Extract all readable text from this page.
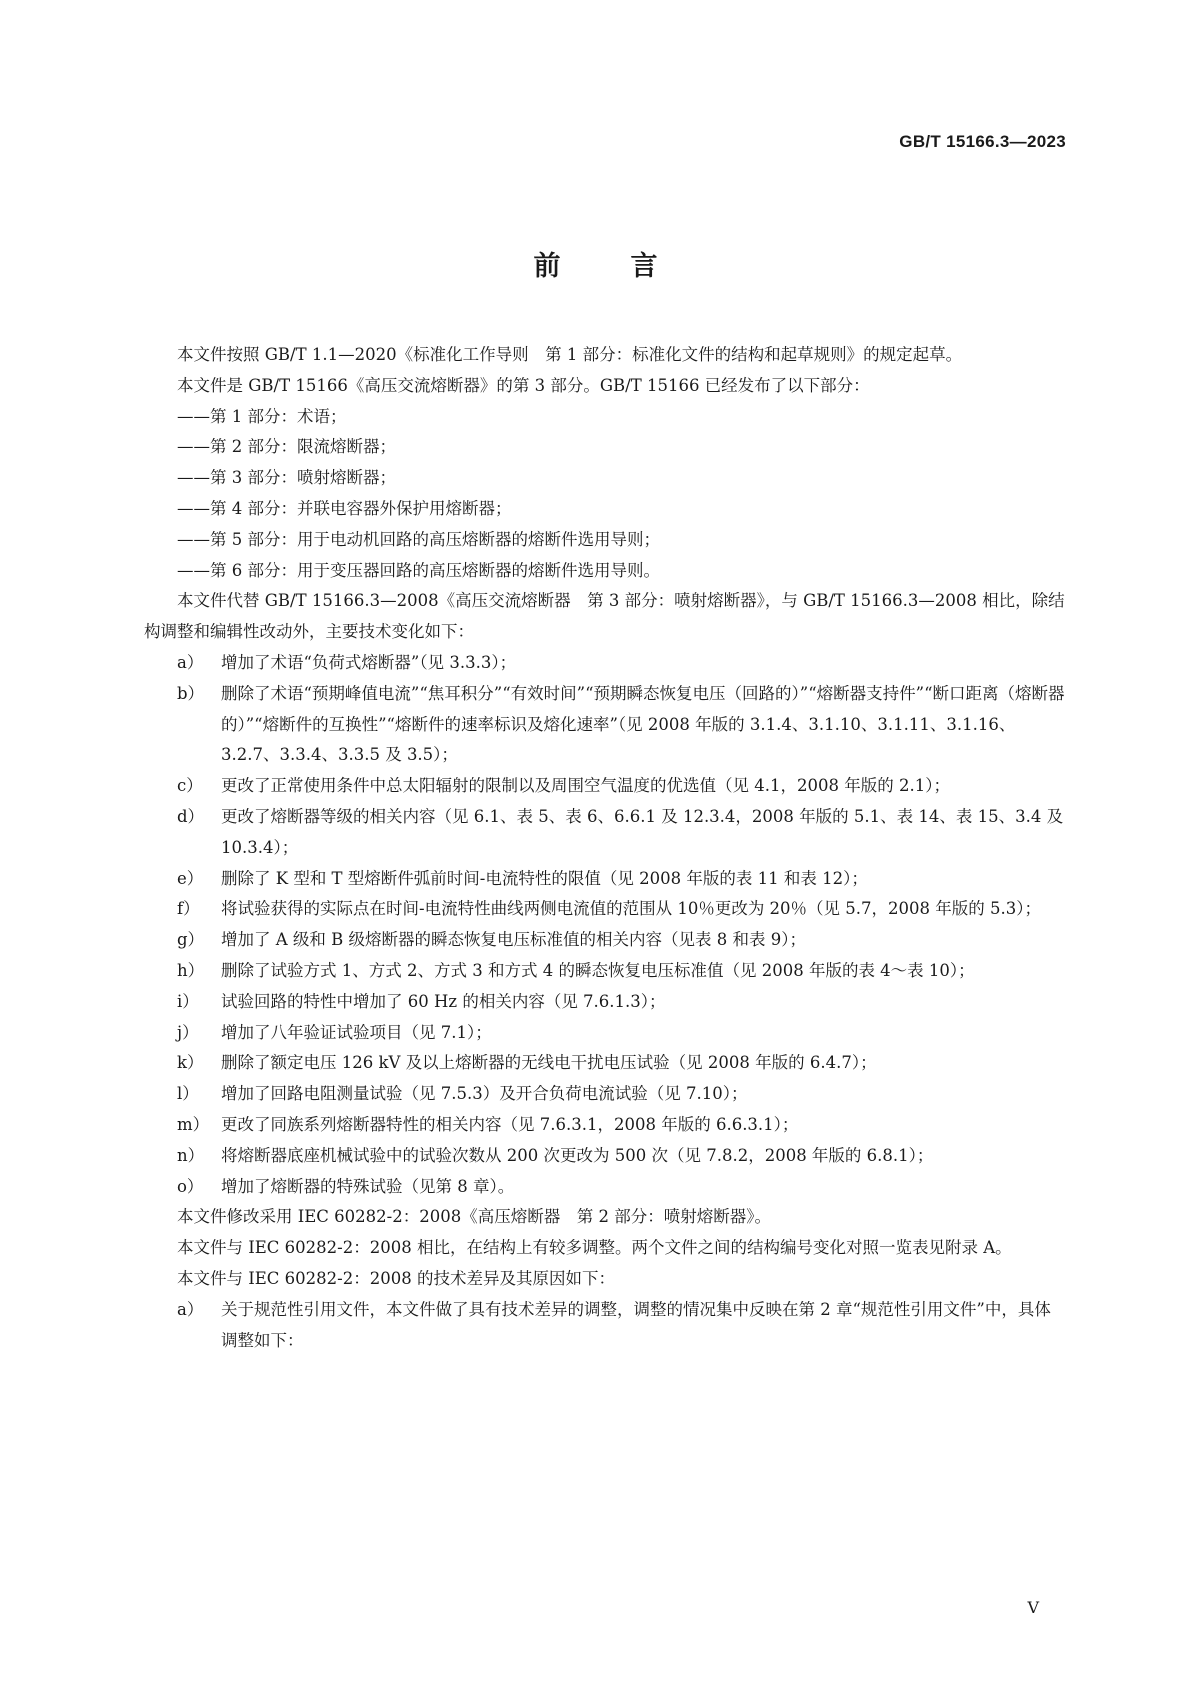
GB/T 15166.3—2023
前言

本文件按照 GB/T 1.1—2020《标准化工作导则　第 1 部分：标准化文件的结构和起草规则》的规定起草。

本文件是 GB/T 15166《高压交流熔断器》的第 3 部分。GB/T 15166 已经发布了以下部分：

——第 1 部分：术语；

——第 2 部分：限流熔断器；

——第 3 部分：喷射熔断器；

——第 4 部分：并联电容器外保护用熔断器；

——第 5 部分：用于电动机回路的高压熔断器的熔断件选用导则；

——第 6 部分：用于变压器回路的高压熔断器的熔断件选用导则。

本文件代替 GB/T 15166.3—2008《高压交流熔断器　第 3 部分：喷射熔断器》，与 GB/T 15166.3—2008 相比，除结构调整和编辑性改动外，主要技术变化如下：

a）	增加了术语“负荷式熔断器”（见 3.3.3）；
b）	删除了术语“预期峰值电流”“焦耳积分”“有效时间”“预期瞬态恢复电压（回路的）”“熔断器支持件”“断口距离（熔断器的）”“熔断件的互换性”“熔断件的速率标识及熔化速率”（见 2008 年版的 3.1.4、3.1.10、3.1.11、3.1.16、3.2.7、3.3.4、3.3.5 及 3.5）；
c）	更改了正常使用条件中总太阳辐射的限制以及周围空气温度的优选值（见 4.1，2008 年版的 2.1）；
d）	更改了熔断器等级的相关内容（见 6.1、表 5、表 6、6.6.1 及 12.3.4，2008 年版的 5.1、表 14、表 15、3.4 及 10.3.4）；
e）	删除了 K 型和 T 型熔断件弧前时间-电流特性的限值（见 2008 年版的表 11 和表 12）；
f）	将试验获得的实际点在时间-电流特性曲线两侧电流值的范围从 10％更改为 20％（见 5.7，2008 年版的 5.3）；
g）	增加了 A 级和 B 级熔断器的瞬态恢复电压标准值的相关内容（见表 8 和表 9）；
h）	删除了试验方式 1、方式 2、方式 3 和方式 4 的瞬态恢复电压标准值（见 2008 年版的表 4～表 10）；
i）	试验回路的特性中增加了 60 Hz 的相关内容（见 7.6.1.3）；
j）	增加了八年验证试验项目（见 7.1）；
k）	删除了额定电压 126 kV 及以上熔断器的无线电干扰电压试验（见 2008 年版的 6.4.7）；
l）	增加了回路电阻测量试验（见 7.5.3）及开合负荷电流试验（见 7.10）；
m） 更改了同族系列熔断器特性的相关内容（见 7.6.3.1，2008 年版的 6.6.3.1）；
n）	将熔断器底座机械试验中的试验次数从 200 次更改为 500 次（见 7.8.2，2008 年版的 6.8.1）；
o）	增加了熔断器的特殊试验（见第 8 章）。

本文件修改采用 IEC 60282-2：2008《高压熔断器　第 2 部分：喷射熔断器》。

本文件与 IEC 60282-2：2008 相比，在结构上有较多调整。两个文件之间的结构编号变化对照一览表见附录 A。

本文件与 IEC 60282-2：2008 的技术差异及其原因如下：

a）	关于规范性引用文件，本文件做了具有技术差异的调整，调整的情况集中反映在第 2 章“规范性引用文件”中，具体调整如下：
V
